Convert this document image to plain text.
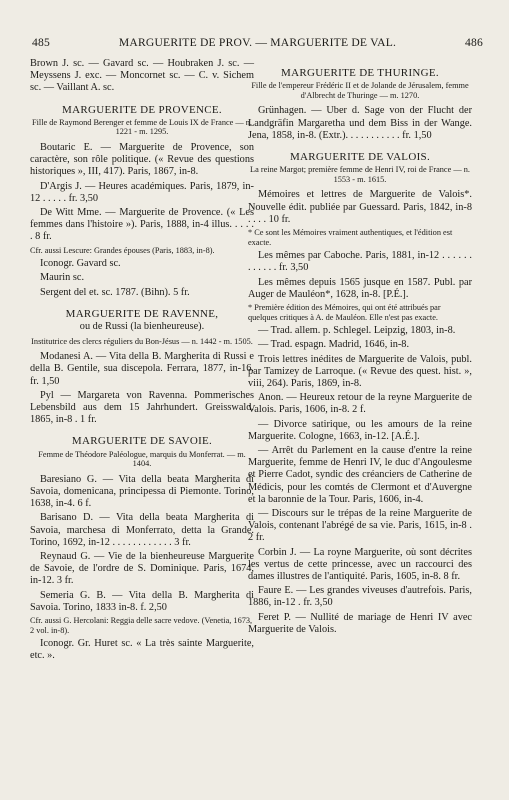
485	MARGUERITE DE PROV. — MARGUERITE DE VAL.	486

Brown J. sc. — Gavard sc. — Houbraken J. sc. — Meyssens J. exc. — Moncornet sc. — C. v. Sichem sc. — Vaillant A. sc.

MARGUERITE DE PROVENCE.
Fille de Raymond Berenger et femme de Louis IX de France — n. 1221 - m. 1295.

Boutaric E. — Marguerite de Provence, son caractère, son rôle politique. (« Revue des questions historiques », III, 417). Paris, 1867, in-8.

D'Argis J. — Heures académiques. Paris, 1879, in-12 . . . . . fr. 3,50

De Witt Mme. — Marguerite de Provence. (« Les femmes dans l'histoire »). Paris, 1888, in-4 illus. . . . . . 8 fr.

Cfr. aussi Lescure: Grandes épouses (Paris, 1883, in-8).

Iconogr. Gavard sc.

Maurin sc.

Sergent del et. sc. 1787. (Bihn). 5 fr.

MARGUERITE DE RAVENNE,
ou de Russi (la bienheureuse).
Institutrice des clercs réguliers du Bon-Jésus — n. 1442 - m. 1505.

Modanesi A. — Vita della B. Margherita di Russi e della B. Gentile, sua discepola. Ferrara, 1877, in-16. fr. 1,50

Pyl — Margareta von Ravenna. Pommerisches Lebensbild aus dem 15 Jahrhundert. Greisswald. 1865, in-8 . 1 fr.

MARGUERITE DE SAVOIE.
Femme de Théodore Paléologue, marquis du Monferrat. — m. 1404.

Baresiano G. — Vita della beata Margherita di Savoia, domenicana, principessa di Piemonte. Torino, 1638, in-4. 6 f.

Barisano D. — Vita della beata Margherita di Savoia, marchesa di Monferrato, detta la Grande. Torino, 1692, in-12 . . . . . . . . . . . . 3 fr.

Reynaud G. — Vie de la bienheureuse Marguerite de Savoie, de l'ordre de S. Dominique. Paris, 1674, in-12. 3 fr.

Semeria G. B. — Vita della B. Margherita di Savoia. Torino, 1833 in-8. f. 2,50

Cfr. aussi G. Hercolani: Reggia delle sacre vedove. (Venetia, 1673, 2 vol. in-8).

Iconogr. Gr. Huret sc. « La très sainte Marguerite, etc. ».

MARGUERITE DE THURINGE.
Fille de l'empereur Frédéric II et de Jolande de Jérusalem, femme d'Albrecht de Thuringe — m. 1270.

Grünhagen. — Uber d. Sage von der Flucht der Landgräfin Margaretha und dem Biss in der Wange. Jena, 1858, in-8. (Extr.). . . . . . . . . . . fr. 1,50

MARGUERITE DE VALOIS.
La reine Margot; première femme de Henri IV, roi de France — n. 1553 - m. 1615.

Mémoires et lettres de Marguerite de Valois*. Nouvelle édit. publiée par Guessard. Paris, 1842, in-8 . . . . 10 fr.

* Ce sont les Mémoires vraiment authentiques, et l'édition est exacte.

Les mêmes par Caboche. Paris, 1881, in-12 . . . . . . . . . . . . fr. 3,50

Les mêmes depuis 1565 jusque en 1587. Publ. par Auger de Mauléon*, 1628, in-8. [P.É.].

* Première édition des Mémoires, qui ont été attribués par quelques critiques à A. de Mauléon. Elle n'est pas exacte.

— Trad. allem. p. Schlegel. Leipzig, 1803, in-8.

— Trad. espagn. Madrid, 1646, in-8.

Trois lettres inédites de Marguerite de Valois, publ. par Tamizey de Larroque. (« Revue des quest. hist. », viii, 264). Paris, 1869, in-8.

Anon. — Heureux retour de la reyne Marguerite de Valois. Paris, 1606, in-8. 2 f.

— Divorce satirique, ou les amours de la reine Marguerite. Cologne, 1663, in-12. [A.É.].

— Arrêt du Parlement en la cause d'entre la reine Marguerite, femme de Henri IV, le duc d'Angoulesme et Pierre Cadot, syndic des créanciers de Catherine de Médicis, pour les comtés de Clermont et d'Auvergne et la baronnie de la Tour. Paris, 1606, in-4.

— Discours sur le trépas de la reine Marguerite de Valois, contenant l'abrégé de sa vie. Paris, 1615, in-8 . 2 fr.

Corbin J. — La royne Marguerite, où sont décrites les vertus de cette princesse, avec un raccourci des dames illustres de l'antiquité. Paris, 1605, in-8. 8 fr.

Faure E. — Les grandes viveuses d'autrefois. Paris, 1886, in-12 . fr. 3,50

Feret P. — Nullité de mariage de Henri IV avec Marguerite de Valois.
